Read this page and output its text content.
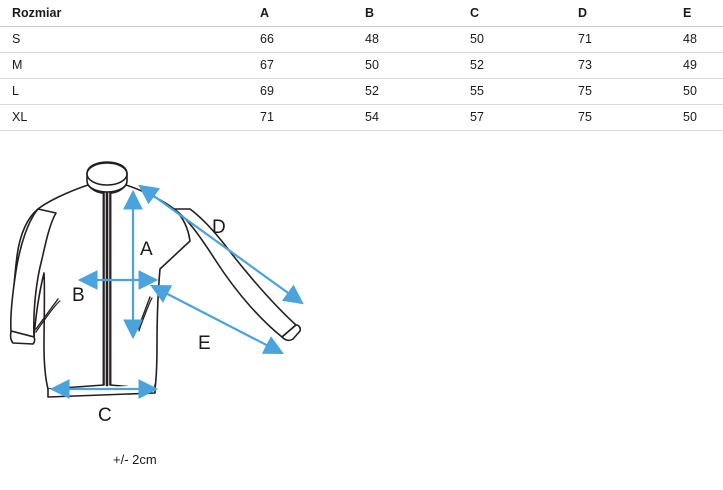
Rozmiar	A	B	C	D	E
S	66	48	50	71	48
M	67	50	52	73	49
L	69	52	55	75	50
XL	71	54	57	75	50
A
B
C
D
E
+/- 2cm
